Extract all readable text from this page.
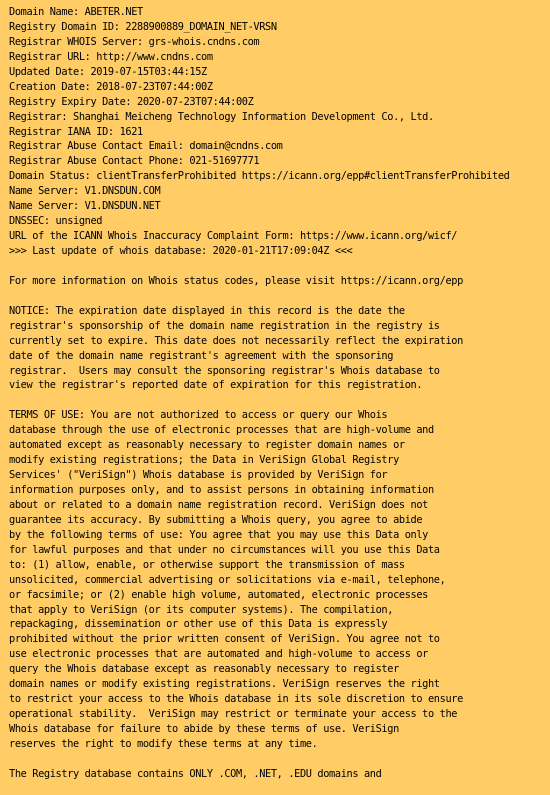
Domain Name: ABETER.NET
Registry Domain ID: 2288900889_DOMAIN_NET-VRSN
Registrar WHOIS Server: grs-whois.cndns.com
Registrar URL: http://www.cndns.com
Updated Date: 2019-07-15T03:44:15Z
Creation Date: 2018-07-23T07:44:00Z
Registry Expiry Date: 2020-07-23T07:44:00Z
Registrar: Shanghai Meicheng Technology Information Development Co., Ltd.
Registrar IANA ID: 1621
Registrar Abuse Contact Email: domain@cndns.com
Registrar Abuse Contact Phone: 021-51697771
Domain Status: clientTransferProhibited https://icann.org/epp#clientTransferProhibited
Name Server: V1.DNSDUN.COM
Name Server: V1.DNSDUN.NET
DNSSEC: unsigned
URL of the ICANN Whois Inaccuracy Complaint Form: https://www.icann.org/wicf/
>>> Last update of whois database: 2020-01-21T17:09:04Z <<<
For more information on Whois status codes, please visit https://icann.org/epp
NOTICE: The expiration date displayed in this record is the date the
registrar's sponsorship of the domain name registration in the registry is
currently set to expire. This date does not necessarily reflect the expiration
date of the domain name registrant's agreement with the sponsoring
registrar.  Users may consult the sponsoring registrar's Whois database to
view the registrar's reported date of expiration for this registration.
TERMS OF USE: You are not authorized to access or query our Whois
database through the use of electronic processes that are high-volume and
automated except as reasonably necessary to register domain names or
modify existing registrations; the Data in VeriSign Global Registry
Services' ("VeriSign") Whois database is provided by VeriSign for
information purposes only, and to assist persons in obtaining information
about or related to a domain name registration record. VeriSign does not
guarantee its accuracy. By submitting a Whois query, you agree to abide
by the following terms of use: You agree that you may use this Data only
for lawful purposes and that under no circumstances will you use this Data
to: (1) allow, enable, or otherwise support the transmission of mass
unsolicited, commercial advertising or solicitations via e-mail, telephone,
or facsimile; or (2) enable high volume, automated, electronic processes
that apply to VeriSign (or its computer systems). The compilation,
repackaging, dissemination or other use of this Data is expressly
prohibited without the prior written consent of VeriSign. You agree not to
use electronic processes that are automated and high-volume to access or
query the Whois database except as reasonably necessary to register
domain names or modify existing registrations. VeriSign reserves the right
to restrict your access to the Whois database in its sole discretion to ensure
operational stability.  VeriSign may restrict or terminate your access to the
Whois database for failure to abide by these terms of use. VeriSign
reserves the right to modify these terms at any time.
The Registry database contains ONLY .COM, .NET, .EDU domains and
